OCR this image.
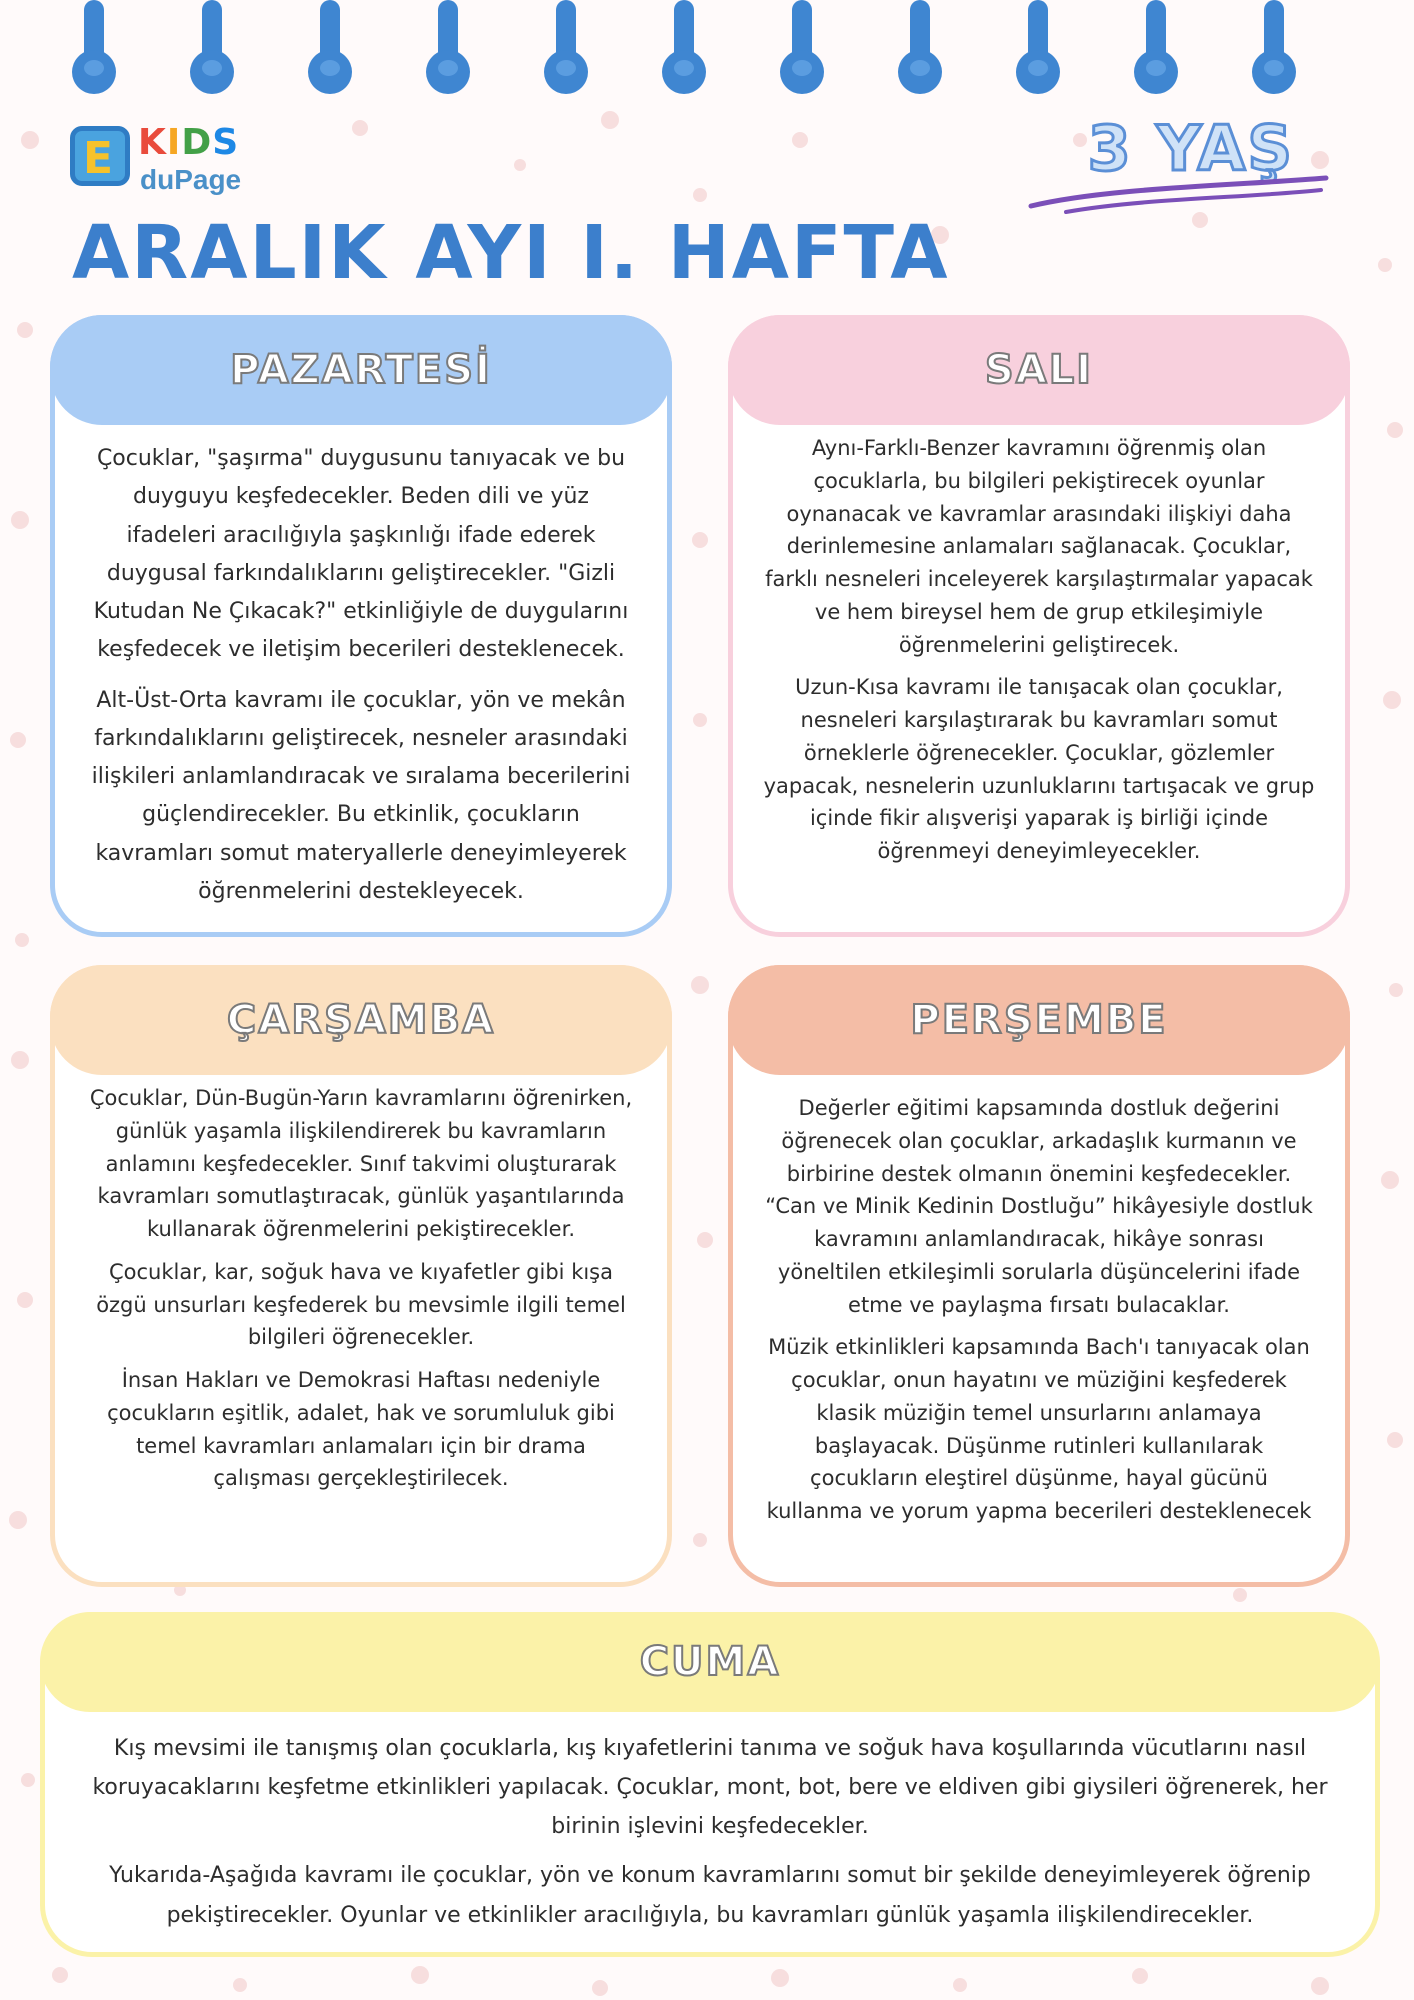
E KIDS
duPage	3 YAŞ
ARALIK AYI I. HAFTA
PAZARTESİ

Çocuklar, "şaşırma" duygusunu tanıyacak ve bu duyguyu keşfedecekler. Beden dili ve yüz ifadeleri aracılığıyla şaşkınlığı ifade ederek duygusal farkındalıklarını geliştirecekler. "Gizli Kutudan Ne Çıkacak?" etkinliğiyle de duygularını keşfedecek ve iletişim becerileri desteklenecek.

Alt-Üst-Orta kavramı ile çocuklar, yön ve mekân farkındalıklarını geliştirecek, nesneler arasındaki ilişkileri anlamlandıracak ve sıralama becerilerini güçlendirecekler. Bu etkinlik, çocukların kavramları somut materyallerle deneyimleyerek öğrenmelerini destekleyecek.

SALI

Aynı-Farklı-Benzer kavramını öğrenmiş olan çocuklarla, bu bilgileri pekiştirecek oyunlar oynanacak ve kavramlar arasındaki ilişkiyi daha derinlemesine anlamaları sağlanacak. Çocuklar, farklı nesneleri inceleyerek karşılaştırmalar yapacak ve hem bireysel hem de grup etkileşimiyle öğrenmelerini geliştirecek.

Uzun-Kısa kavramı ile tanışacak olan çocuklar, nesneleri karşılaştırarak bu kavramları somut örneklerle öğrenecekler. Çocuklar, gözlemler yapacak, nesnelerin uzunluklarını tartışacak ve grup içinde fikir alışverişi yaparak iş birliği içinde öğrenmeyi deneyimleyecekler.

ÇARŞAMBA

Çocuklar, Dün-Bugün-Yarın kavramlarını öğrenirken, günlük yaşamla ilişkilendirerek bu kavramların anlamını keşfedecekler. Sınıf takvimi oluşturarak kavramları somutlaştıracak, günlük yaşantılarında kullanarak öğrenmelerini pekiştirecekler.

Çocuklar, kar, soğuk hava ve kıyafetler gibi kışa özgü unsurları keşfederek bu mevsimle ilgili temel bilgileri öğrenecekler.

İnsan Hakları ve Demokrasi Haftası nedeniyle çocukların eşitlik, adalet, hak ve sorumluluk gibi temel kavramları anlamaları için bir drama çalışması gerçekleştirilecek.

PERŞEMBE

Değerler eğitimi kapsamında dostluk değerini öğrenecek olan çocuklar, arkadaşlık kurmanın ve birbirine destek olmanın önemini keşfedecekler. “Can ve Minik Kedinin Dostluğu” hikâyesiyle dostluk kavramını anlamlandıracak, hikâye sonrası yöneltilen etkileşimli sorularla düşüncelerini ifade etme ve paylaşma fırsatı bulacaklar.

Müzik etkinlikleri kapsamında Bach'ı tanıyacak olan çocuklar, onun hayatını ve müziğini keşfederek klasik müziğin temel unsurlarını anlamaya başlayacak. Düşünme rutinleri kullanılarak çocukların eleştirel düşünme, hayal gücünü kullanma ve yorum yapma becerileri desteklenecek

CUMA

Kış mevsimi ile tanışmış olan çocuklarla, kış kıyafetlerini tanıma ve soğuk hava koşullarında vücutlarını nasıl koruyacaklarını keşfetme etkinlikleri yapılacak. Çocuklar, mont, bot, bere ve eldiven gibi giysileri öğrenerek, her birinin işlevini keşfedecekler.

Yukarıda-Aşağıda kavramı ile çocuklar, yön ve konum kavramlarını somut bir şekilde deneyimleyerek öğrenip pekiştirecekler. Oyunlar ve etkinlikler aracılığıyla, bu kavramları günlük yaşamla ilişkilendirecekler.
